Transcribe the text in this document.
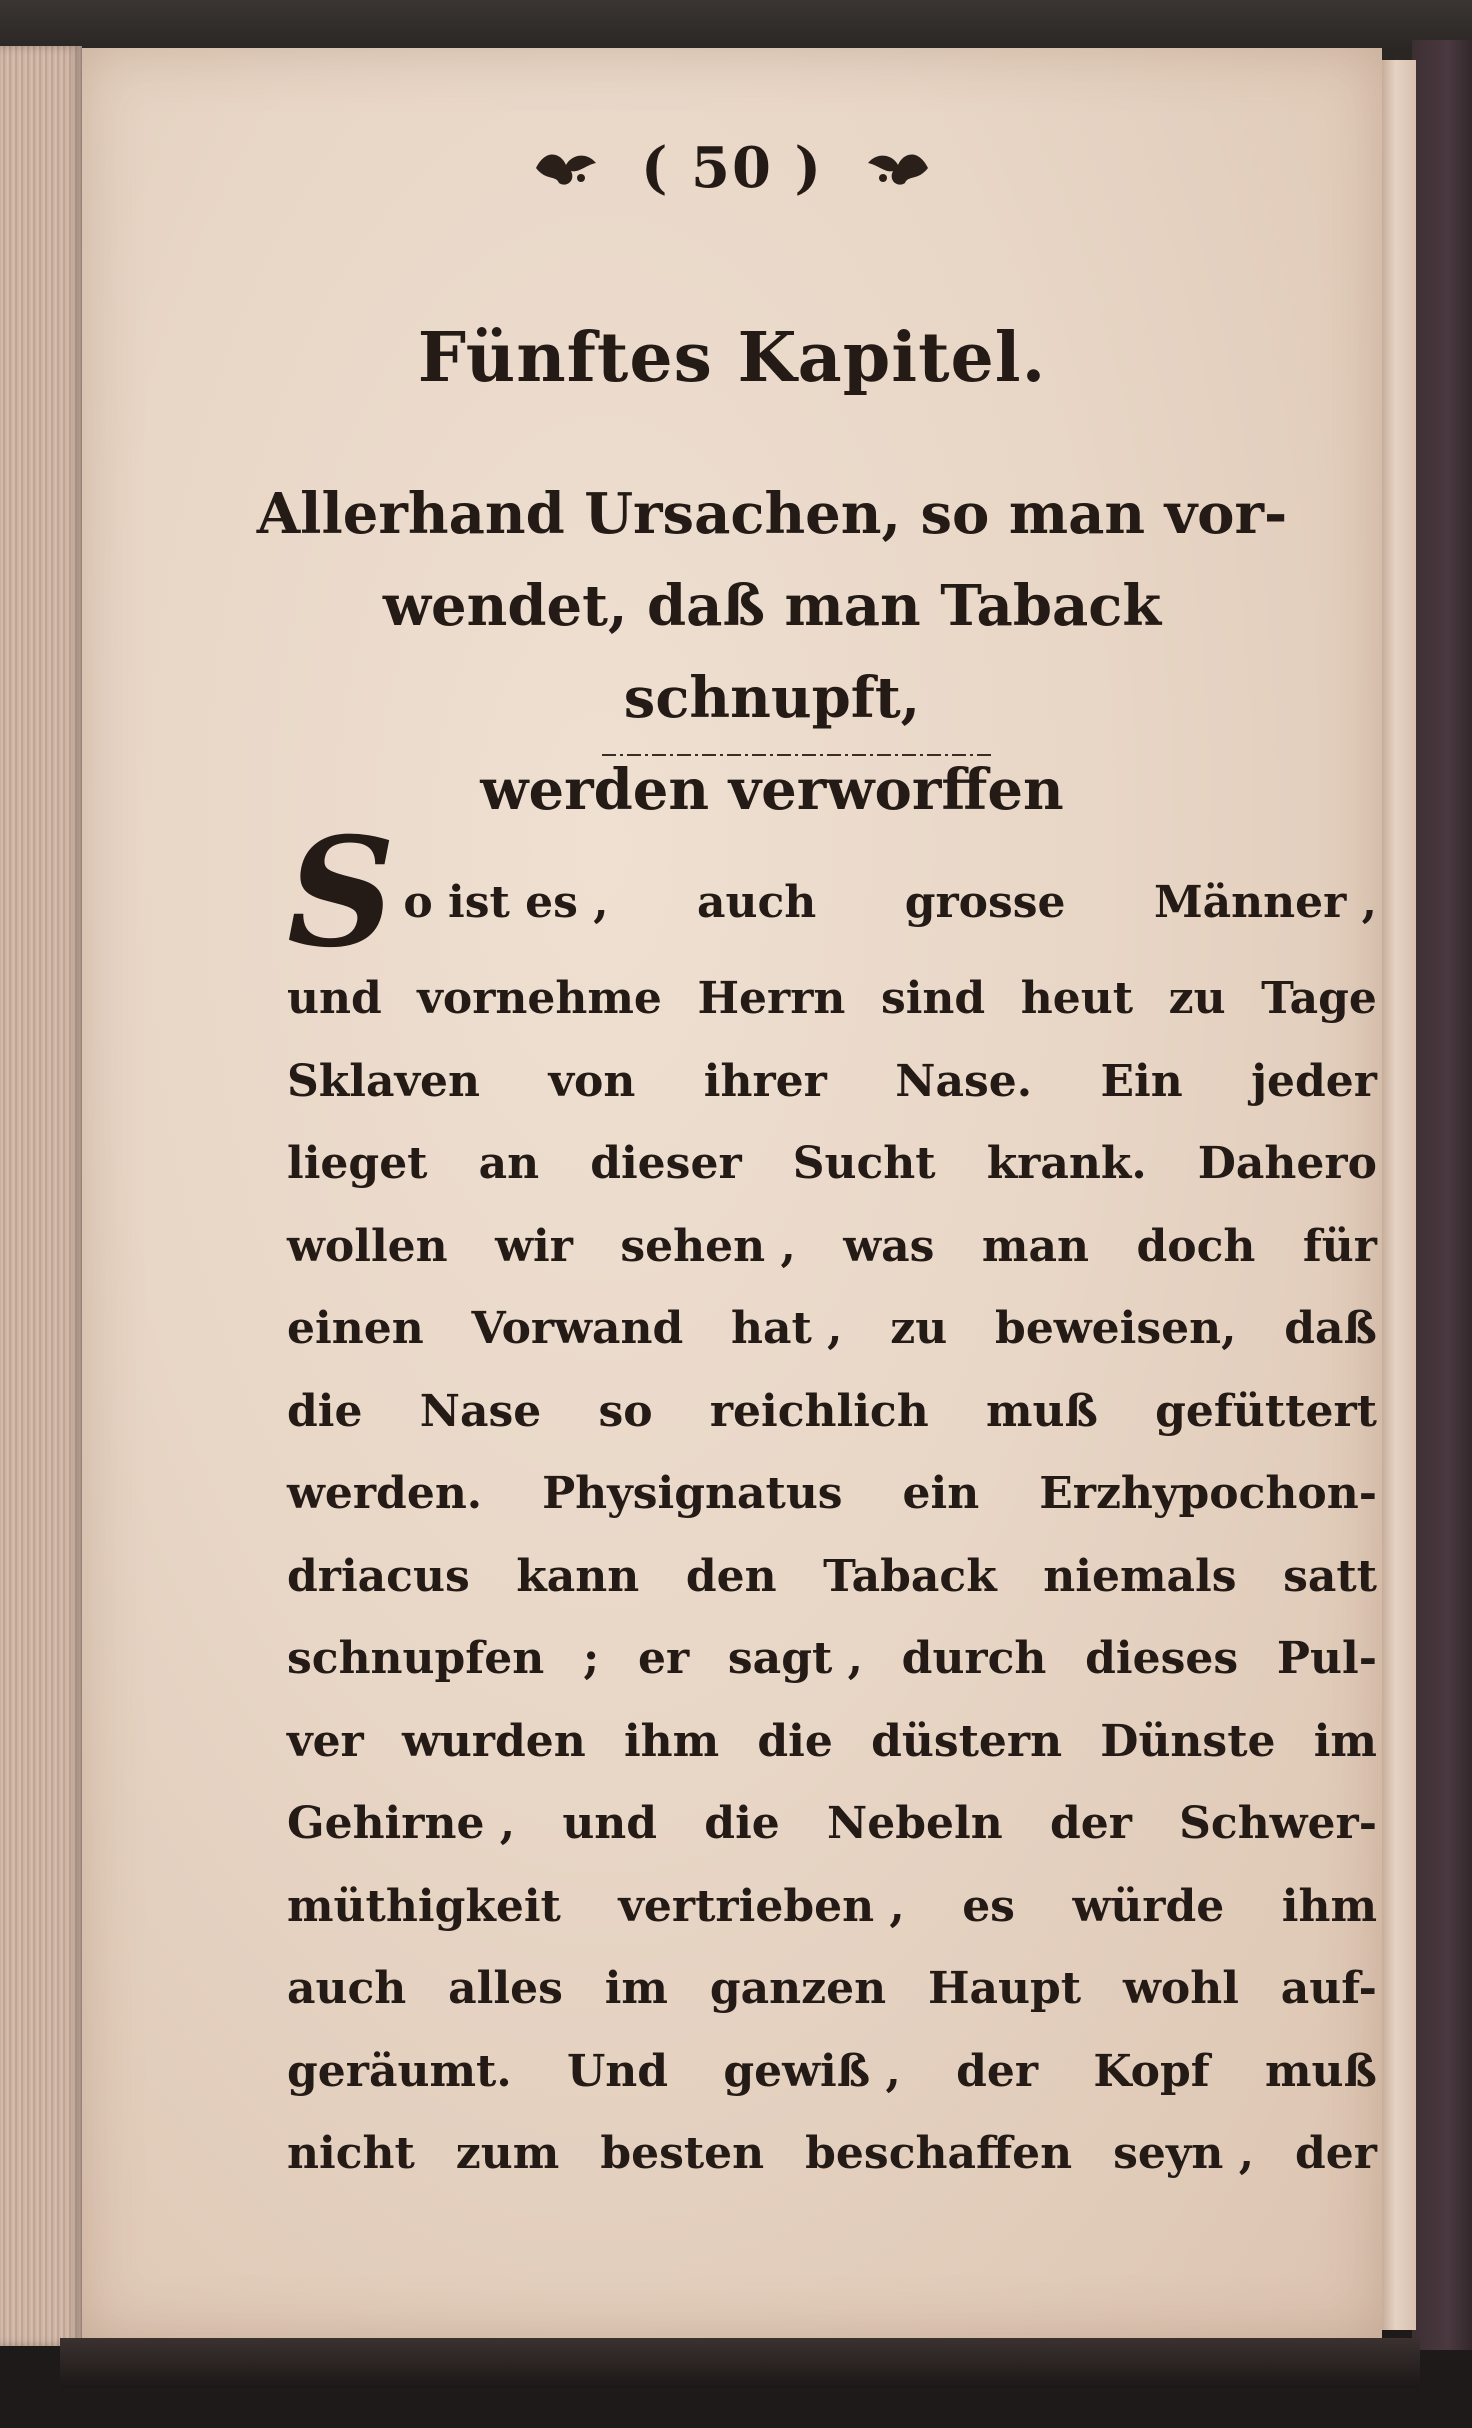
( 50 )
Fünftes Kapitel.
Allerhand Ursachen, so man vor-
wendet, daß man Taback schnupft,
werden verworffen
S o ist es , auch grosse Männer ,
und vornehme Herrn sind heut zu Tage
Sklaven von ihrer Nase. Ein jeder
lieget an dieser Sucht krank. Dahero
wollen wir sehen , was man doch für
einen Vorwand hat , zu beweisen, daß
die Nase so reichlich muß gefüttert
werden. Physignatus ein Erzhypochon-
driacus kann den Taback niemals satt
schnupfen ; er sagt , durch dieses Pul-
ver wurden ihm die düstern Dünste im
Gehirne , und die Nebeln der Schwer-
müthigkeit vertrieben , es würde ihm
auch alles im ganzen Haupt wohl auf-
geräumt. Und gewiß , der Kopf muß
nicht zum besten beschaffen seyn , der
